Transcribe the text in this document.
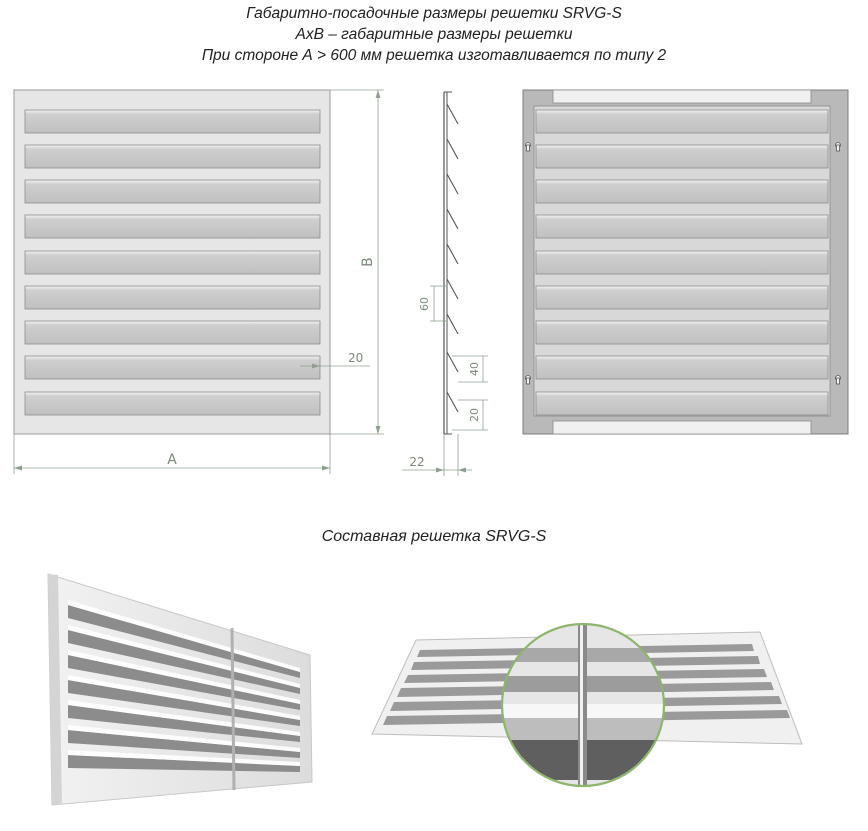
Габаритно-посадочные размеры решетки SRVG-S
АхВ – габаритные размеры решетки
При стороне А > 600 мм решетка изготавливается по типу 2
Составная решетка SRVG-S
B
20
A
60
40
20
22
